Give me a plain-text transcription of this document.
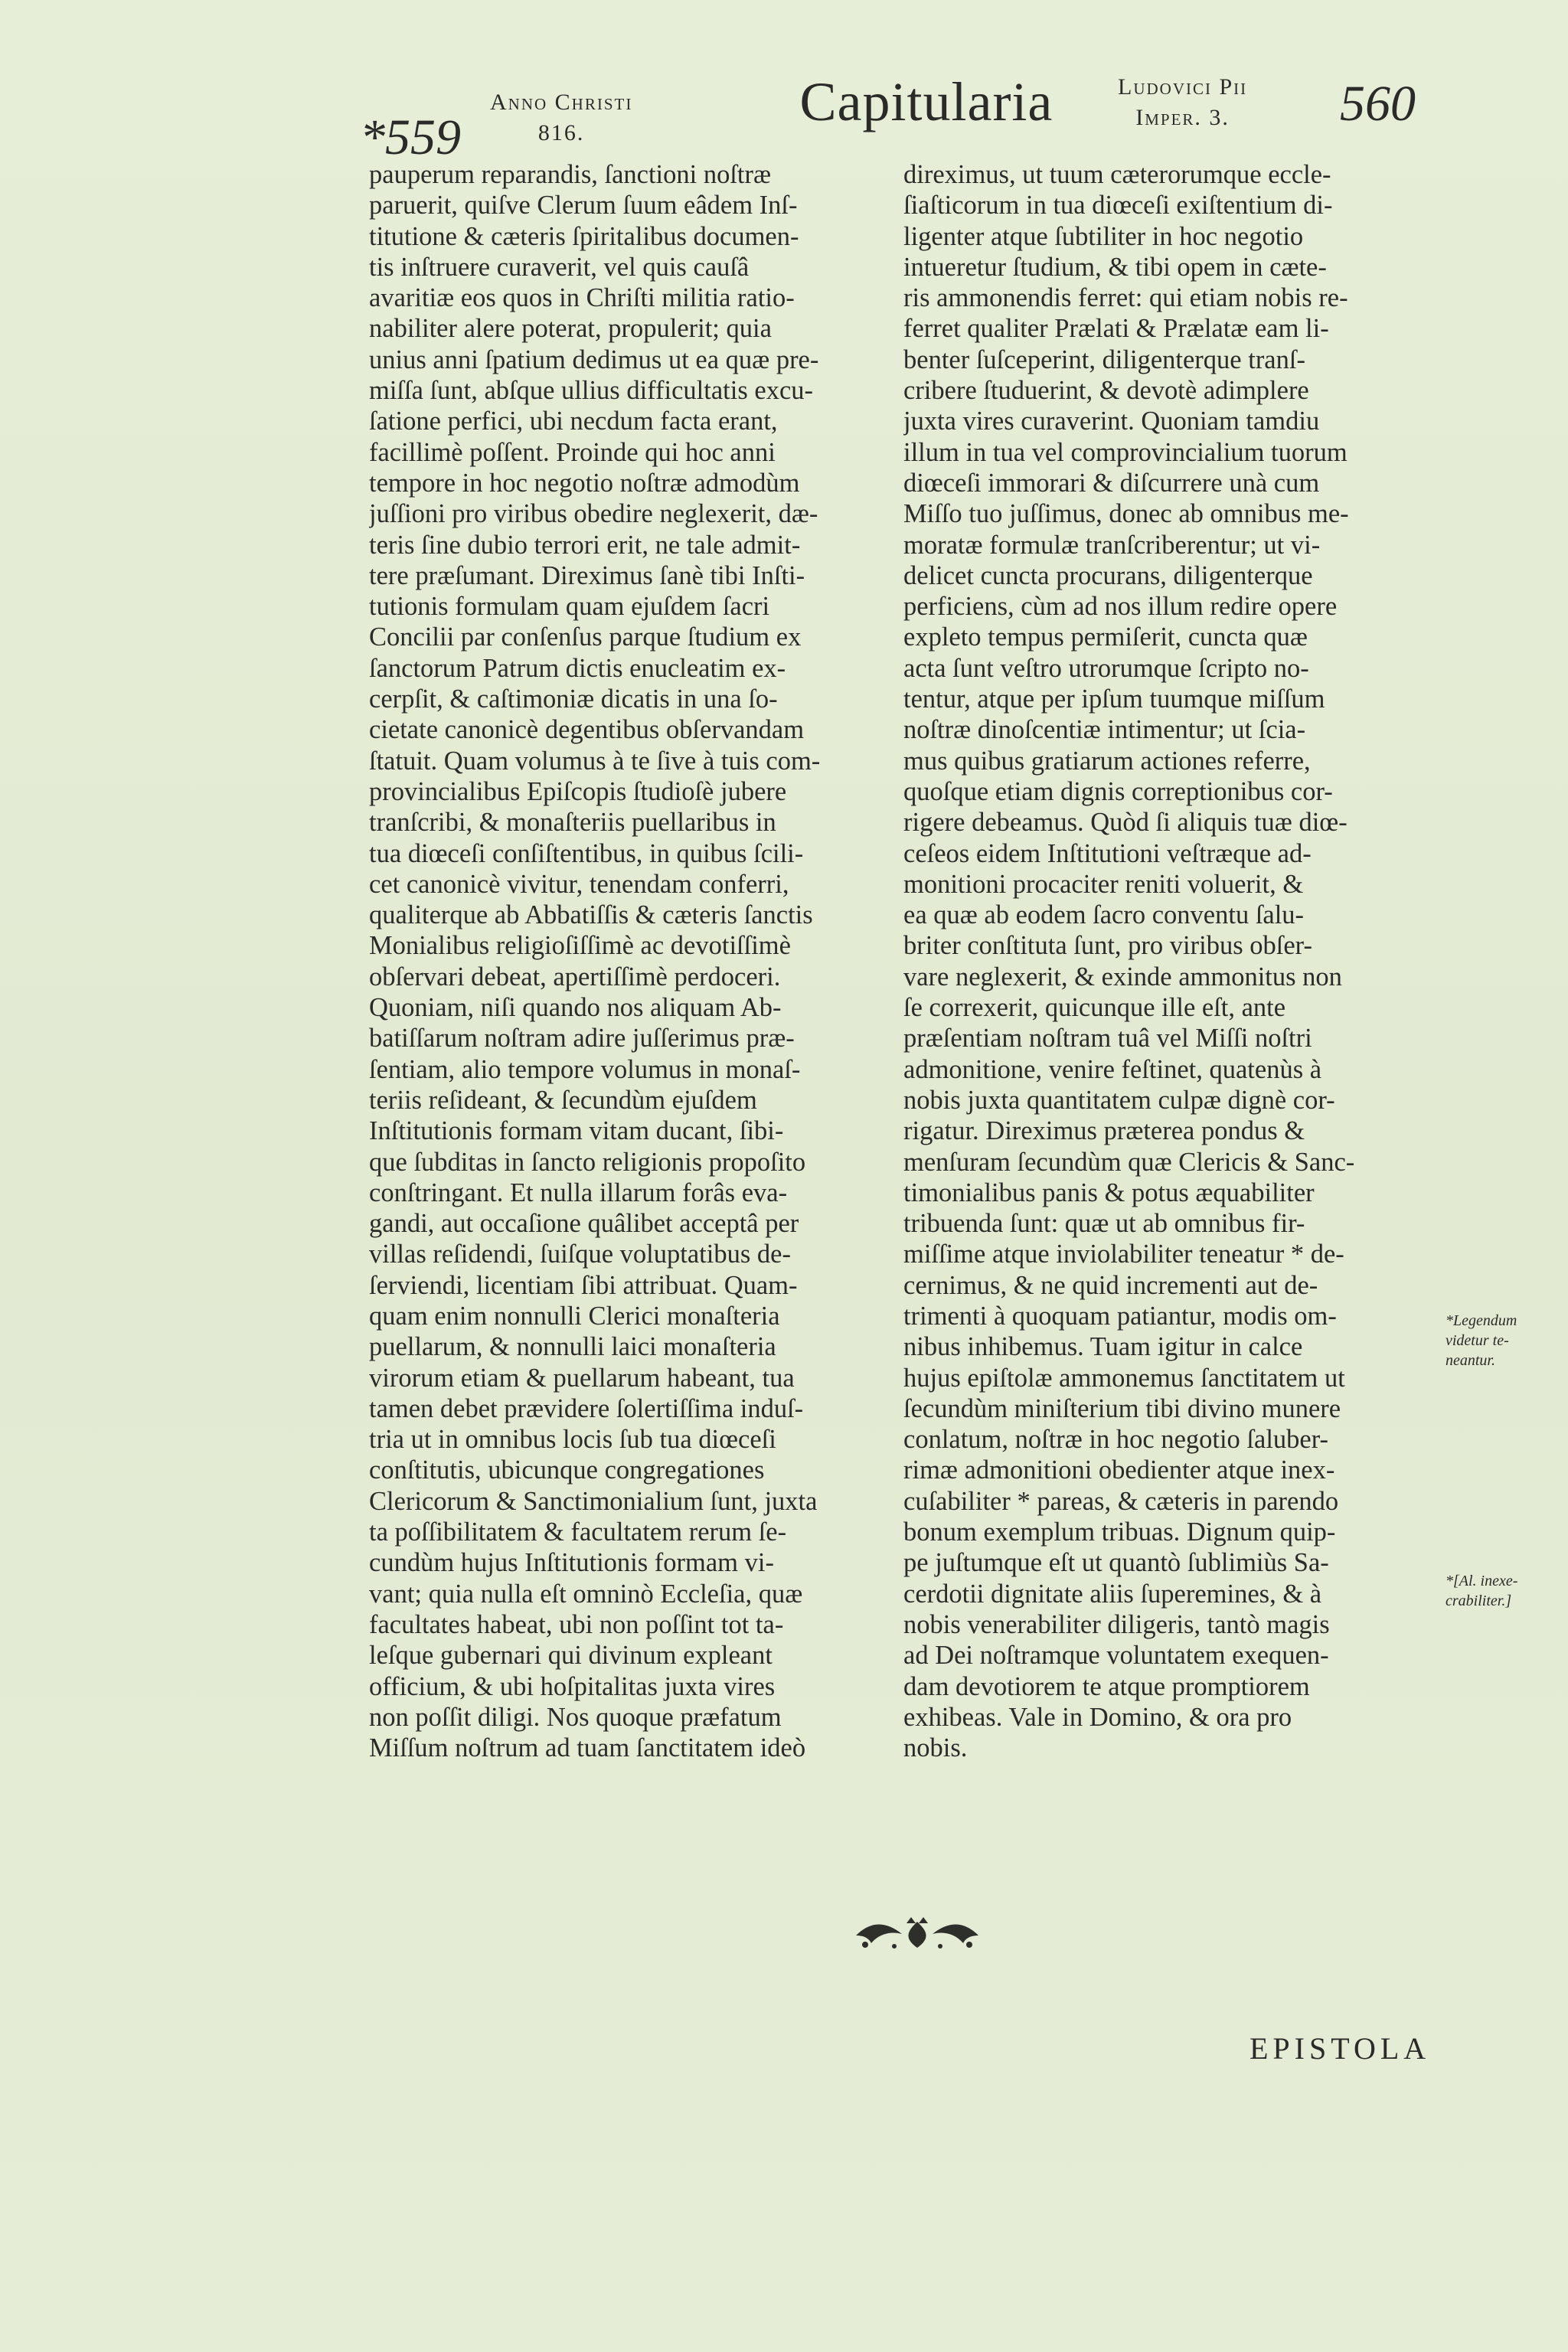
*559
Anno Christi
816.
Capitularia	Ludovici Pii
Imper. 3.	560
pauperum reparandis, ſanctioni noſtræ
paruerit, quiſve Clerum ſuum eâdem Inſ-
titutione & cæteris ſpiritalibus documen-
tis inſtruere curaverit, vel quis cauſâ
avaritiæ eos quos in Chriſti militia ratio-
nabiliter alere poterat, propulerit; quia
unius anni ſpatium dedimus ut ea quæ pre-
miſſa ſunt, abſque ullius difficultatis excu-
ſatione perfici, ubi necdum facta erant,
facillimè poſſent. Proinde qui hoc anni
tempore in hoc negotio noſtræ admodùm
juſſioni pro viribus obedire neglexerit, dæ-
teris ſine dubio terrori erit, ne tale admit-
tere præſumant. Direximus ſanè tibi Inſti-
tutionis formulam quam ejuſdem ſacri
Concilii par conſenſus parque ſtudium ex
ſanctorum Patrum dictis enucleatim ex-
cerpſit, & caſtimoniæ dicatis in una ſo-
cietate canonicè degentibus obſervandam
ſtatuit. Quam volumus à te ſive à tuis com-
provincialibus Epiſcopis ſtudioſè jubere
tranſcribi, & monaſteriis puellaribus in
tua diœceſi conſiſtentibus, in quibus ſcili-
cet canonicè vivitur, tenendam conferri,
qualiterque ab Abbatiſſis & cæteris ſanctis
Monialibus religioſiſſimè ac devotiſſimè
obſervari debeat, apertiſſimè perdoceri.
Quoniam, niſi quando nos aliquam Ab-
batiſſarum noſtram adire juſſerimus præ-
ſentiam, alio tempore volumus in monaſ-
teriis reſideant, & ſecundùm ejuſdem
Inſtitutionis formam vitam ducant, ſibi-
que ſubditas in ſancto religionis propoſito
conſtringant. Et nulla illarum forâs eva-
gandi, aut occaſione quâlibet acceptâ per
villas reſidendi, ſuiſque voluptatibus de-
ſerviendi, licentiam ſibi attribuat. Quam-
quam enim nonnulli Clerici monaſteria
puellarum, & nonnulli laici monaſteria
virorum etiam & puellarum habeant, tua
tamen debet prævidere ſolertiſſima induſ-
tria ut in omnibus locis ſub tua diœceſi
conſtitutis, ubicunque congregationes
Clericorum & Sanctimonialium ſunt, juxta
ta poſſibilitatem & facultatem rerum ſe-
cundùm hujus Inſtitutionis formam vi-
vant; quia nulla eſt omninò Eccleſia, quæ
facultates habeat, ubi non poſſint tot ta-
leſque gubernari qui divinum expleant
officium, & ubi hoſpitalitas juxta vires
non poſſit diligi. Nos quoque præfatum
Miſſum noſtrum ad tuam ſanctitatem ideò
direximus, ut tuum cæterorumque eccle-
ſiaſticorum in tua diœceſi exiſtentium di-
ligenter atque ſubtiliter in hoc negotio
intueretur ſtudium, & tibi opem in cæte-
ris ammonendis ferret: qui etiam nobis re-
ferret qualiter Prælati & Prælatæ eam li-
benter ſuſceperint, diligenterque tranſ-
cribere ſtuduerint, & devotè adimplere
juxta vires curaverint. Quoniam tamdiu
illum in tua vel comprovincialium tuorum
diœceſi immorari & diſcurrere unà cum
Miſſo tuo juſſimus, donec ab omnibus me-
moratæ formulæ tranſcriberentur; ut vi-
delicet cuncta procurans, diligenterque
perficiens, cùm ad nos illum redire opere
expleto tempus permiſerit, cuncta quæ
acta ſunt veſtro utrorumque ſcripto no-
tentur, atque per ipſum tuumque miſſum
noſtræ dinoſcentiæ intimentur; ut ſcia-
mus quibus gratiarum actiones referre,
quoſque etiam dignis correptionibus cor-
rigere debeamus. Quòd ſi aliquis tuæ diœ-
ceſeos eidem Inſtitutioni veſtræque ad-
monitioni procaciter reniti voluerit, &
ea quæ ab eodem ſacro conventu ſalu-
briter conſtituta ſunt, pro viribus obſer-
vare neglexerit, & exinde ammonitus non
ſe correxerit, quicunque ille eſt, ante
præſentiam noſtram tuâ vel Miſſi noſtri
admonitione, venire feſtinet, quatenùs à
nobis juxta quantitatem culpæ dignè cor-
rigatur. Direximus præterea pondus &
menſuram ſecundùm quæ Clericis & Sanc-
timonialibus panis & potus æquabiliter
tribuenda ſunt: quæ ut ab omnibus fir-
miſſime atque inviolabiliter teneatur * de-
cernimus, & ne quid incrementi aut de-
trimenti à quoquam patiantur, modis om-
nibus inhibemus. Tuam igitur in calce
hujus epiſtolæ ammonemus ſanctitatem ut
ſecundùm miniſterium tibi divino munere
conlatum, noſtræ in hoc negotio ſaluber-
rimæ admonitioni obedienter atque inex-
cuſabiliter * pareas, & cæteris in parendo
bonum exemplum tribuas. Dignum quip-
pe juſtumque eſt ut quantò ſublimiùs Sa-
cerdotii dignitate aliis ſuperemines, & à
nobis venerabiliter diligeris, tantò magis
ad Dei noſtramque voluntatem exequen-
dam devotiorem te atque promptiorem
exhibeas. Vale in Domino, & ora pro
nobis.
*Legendum
videtur te-
neantur.
*[Al. inexe-
crabiliter.]
EPISTOLA
